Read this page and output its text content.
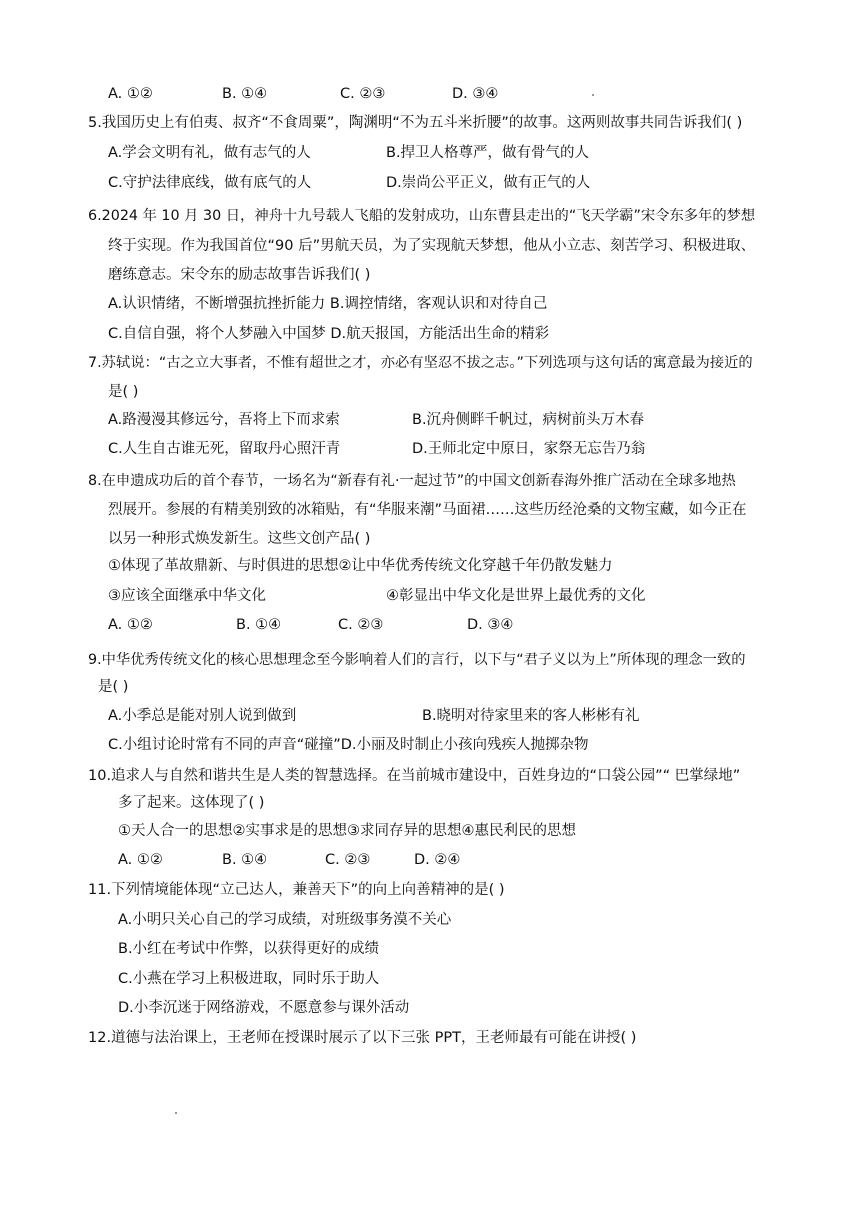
A. ①②	B. ①④	C. ②③	D. ③④
5.我国历史上有伯夷、叔齐“不食周粟”，陶渊明“不为五斗米折腰”的故事。这两则故事共同告诉我们( )
A.学会文明有礼，做有志气的人	B.捍卫人格尊严，做有骨气的人
C.守护法律底线，做有底气的人	D.崇尚公平正义，做有正气的人
6.2024 年 10 月 30 日，神舟十九号载人飞船的发射成功，山东曹县走出的“飞天学霸”宋令东多年的梦想
终于实现。作为我国首位“90 后”男航天员，为了实现航天梦想，他从小立志、刻苦学习、积极进取、
磨练意志。宋令东的励志故事告诉我们( )
A.认识情绪，不断增强抗挫折能力 B.调控情绪，客观认识和对待自己
C.自信自强，将个人梦融入中国梦 D.航天报国，方能活出生命的精彩
7.苏轼说：“古之立大事者，不惟有超世之才，亦必有坚忍不拔之志。”下列选项与这句话的寓意最为接近的
是( )
A.路漫漫其修远兮，吾将上下而求索	B.沉舟侧畔千帆过，病树前头万木春
C.人生自古谁无死，留取丹心照汗青	D.王师北定中原日，家祭无忘告乃翁
8.在申遗成功后的首个春节，一场名为“新春有礼·一起过节”的中国文创新春海外推广活动在全球多地热
烈展开。参展的有精美别致的冰箱贴，有“华服来潮”马面裙……这些历经沧桑的文物宝藏，如今正在
以另一种形式焕发新生。这些文创产品( )
①体现了革故鼎新、与时俱进的思想②让中华优秀传统文化穿越千年仍散发魅力
③应该全面继承中华文化	④彰显出中华文化是世界上最优秀的文化
A. ①②	B. ①④	C. ②③	D. ③④
9.中华优秀传统文化的核心思想理念至今影响着人们的言行，以下与“君子义以为上”所体现的理念一致的
是( )
A.小季总是能对别人说到做到	B.晓明对待家里来的客人彬彬有礼
C.小组讨论时常有不同的声音“碰撞”D.小丽及时制止小孩向残疾人抛掷杂物
10.追求人与自然和谐共生是人类的智慧选择。在当前城市建设中，百姓身边的“口袋公园”“ 巴掌绿地”
多了起来。这体现了( )
①天人合一的思想②实事求是的思想③求同存异的思想④惠民利民的思想
A. ①②	B. ①④	C. ②③	D. ②④
11.下列情境能体现“立己达人，兼善天下”的向上向善精神的是( )
A.小明只关心自己的学习成绩，对班级事务漠不关心
B.小红在考试中作弊，以获得更好的成绩
C.小燕在学习上积极进取，同时乐于助人
D.小李沉迷于网络游戏，不愿意参与课外活动
12.道德与法治课上，王老师在授课时展示了以下三张 PPT，王老师最有可能在讲授( )
